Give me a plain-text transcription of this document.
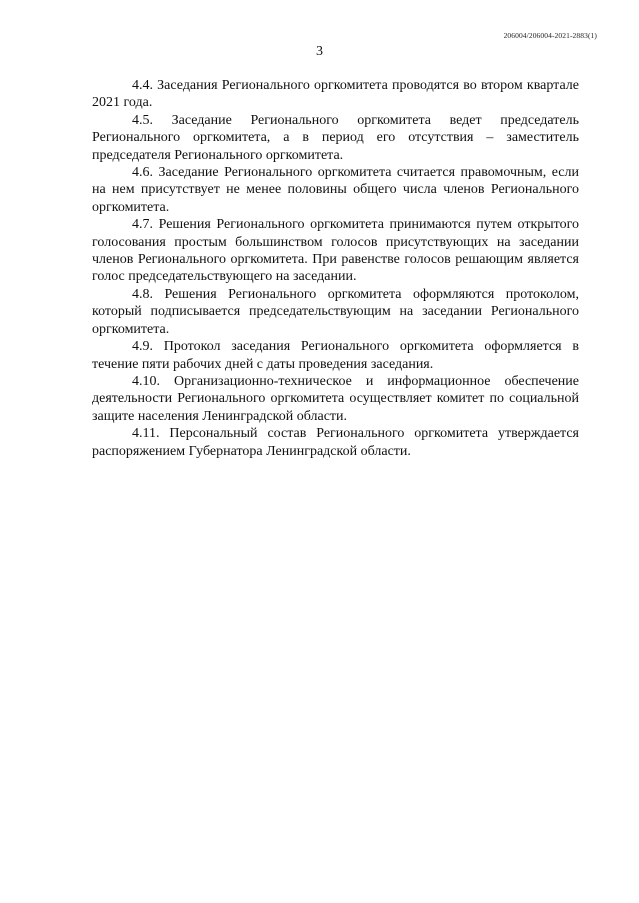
206004/206004-2021-2883(1)
3

4.4. Заседания Регионального оргкомитета проводятся во втором квартале 2021 года.

4.5. Заседание Регионального оргкомитета ведет председатель Регионального оргкомитета, а в период его отсутствия – заместитель председателя Регионального оргкомитета.

4.6. Заседание Регионального оргкомитета считается правомочным, если на нем присутствует не менее половины общего числа членов Регионального оргкомитета.

4.7. Решения Регионального оргкомитета принимаются путем открытого голосования простым большинством голосов присутствующих на заседании членов Регионального оргкомитета. При равенстве голосов решающим является голос председательствующего на заседании.

4.8. Решения Регионального оргкомитета оформляются протоколом, который подписывается председательствующим на заседании Регионального оргкомитета.

4.9. Протокол заседания Регионального оргкомитета оформляется в течение пяти рабочих дней с даты проведения заседания.

4.10. Организационно-техническое и информационное обеспечение деятельности Регионального оргкомитета осуществляет комитет по социальной защите населения Ленинградской области.

4.11. Персональный состав Регионального оргкомитета утверждается распоряжением Губернатора Ленинградской области.
